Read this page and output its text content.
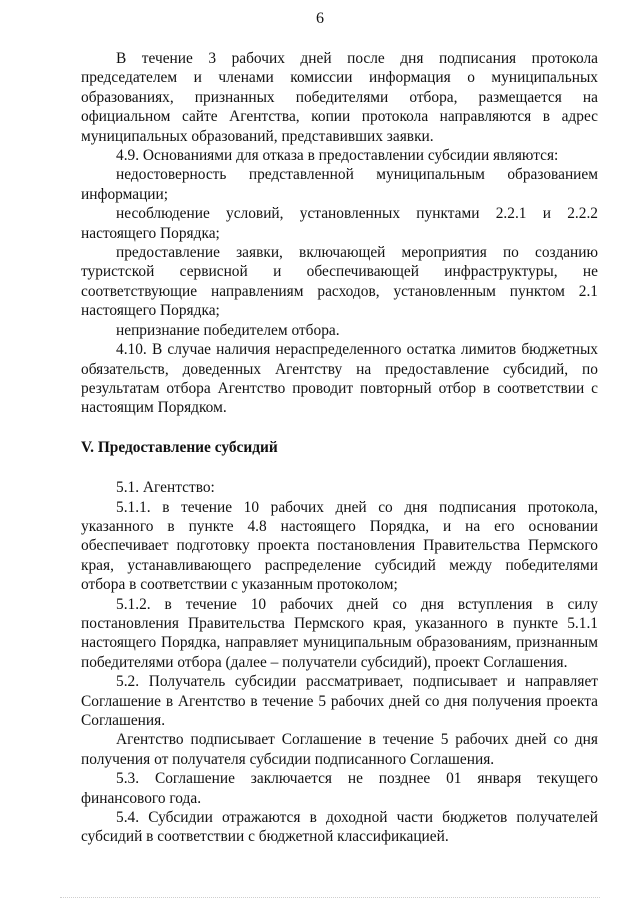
6

В течение 3 рабочих дней после дня подписания протокола председателем и членами комиссии информация о муниципальных образованиях, признанных победителями отбора, размещается на официальном сайте Агентства, копии протокола направляются в адрес муниципальных образований, представивших заявки.

4.9. Основаниями для отказа в предоставлении субсидии являются:

недостоверность представленной муниципальным образованием информации;

несоблюдение условий, установленных пунктами 2.2.1 и 2.2.2 настоящего Порядка;

предоставление заявки, включающей мероприятия по созданию туристской сервисной и обеспечивающей инфраструктуры, не соответствующие направлениям расходов, установленным пунктом 2.1 настоящего Порядка;

непризнание победителем отбора.

4.10. В случае наличия нераспределенного остатка лимитов бюджетных обязательств, доведенных Агентству на предоставление субсидий, по результатам отбора Агентство проводит повторный отбор в соответствии с настоящим Порядком.

V. Предоставление субсидий

5.1. Агентство:

5.1.1. в течение 10 рабочих дней со дня подписания протокола, указанного в пункте 4.8 настоящего Порядка, и на его основании обеспечивает подготовку проекта постановления Правительства Пермского края, устанавливающего распределение субсидий между победителями отбора в соответствии с указанным протоколом;

5.1.2. в течение 10 рабочих дней со дня вступления в силу постановления Правительства Пермского края, указанного в пункте 5.1.1 настоящего Порядка, направляет муниципальным образованиям, признанным победителями отбора (далее – получатели субсидий), проект Соглашения.

5.2. Получатель субсидии рассматривает, подписывает и направляет Соглашение в Агентство в течение 5 рабочих дней со дня получения проекта Соглашения.

Агентство подписывает Соглашение в течение 5 рабочих дней со дня получения от получателя субсидии подписанного Соглашения.

5.3. Соглашение заключается не позднее 01 января текущего финансового года.

5.4. Субсидии отражаются в доходной части бюджетов получателей субсидий в соответствии с бюджетной классификацией.
